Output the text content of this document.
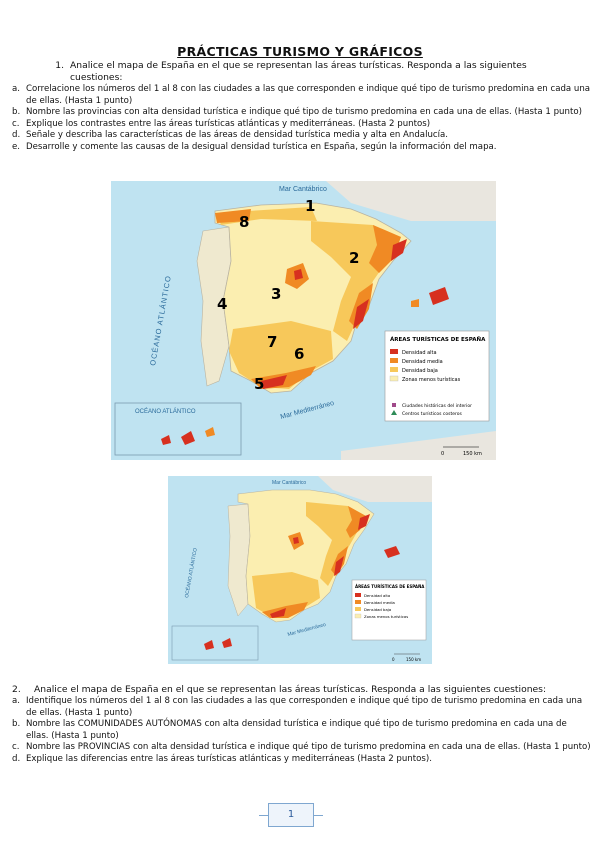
PRÁCTICAS TURISMO Y GRÁFICOS
1. Analice el mapa de España en el que se representan las áreas turísticas. Responda a las siguientes cuestiones:
a. Correlacione los números del 1 al 8 con las ciudades a las que corresponden e indique qué tipo de turismo predomina en cada una de ellas. (Hasta 1 punto)
b. Nombre las provincias con alta densidad turística e indique qué tipo de turismo predomina en cada una de ellas. (Hasta 1 punto)
c. Explique los contrastes entre las áreas turísticas atlánticas y mediterráneas. (Hasta 2 puntos)
d. Señale y describa las características de las áreas de densidad turística media y alta en Andalucía.
e. Desarrolle y comente las causas de la desigual densidad turística en España, según la información del mapa.
Mar Cantábrico
OCÉANO ATLÁNTICO
Mar Mediterráneo
1
2
3
4
5
6
7
8
OCÉANO ATLÁNTICO
ÁREAS TURÍSTICAS DE ESPAÑA
Densidad alta
Densidad media
Densidad baja
Zonas menos turísticas
Ciudades históricas del interior
Centros turísticos costeros
0	150 km
Mar Cantábrico
OCÉANO ATLÁNTICO
Mar Mediterráneo
ÁREAS TURÍSTICAS DE ESPAÑA
Densidad alta
Densidad media
Densidad baja
Zonas menos turísticas
0	150 km
2.	Analice el mapa de España en el que se representan las áreas turísticas. Responda a las siguientes cuestiones:
a. Identifique los números del 1 al 8 con las ciudades a las que corresponden e indique qué tipo de turismo predomina en cada una de ellas. (Hasta 1 punto)
b. Nombre las COMUNIDADES AUTÓNOMAS con alta densidad turística e indique qué tipo de turismo predomina en cada una de ellas. (Hasta 1 punto)
c. Nombre las PROVINCIAS con alta densidad turística e indique qué tipo de turismo predomina en cada una de ellas. (Hasta 1 punto)
d. Explique las diferencias entre las áreas turísticas atlánticas y mediterráneas (Hasta 2 puntos).
1
